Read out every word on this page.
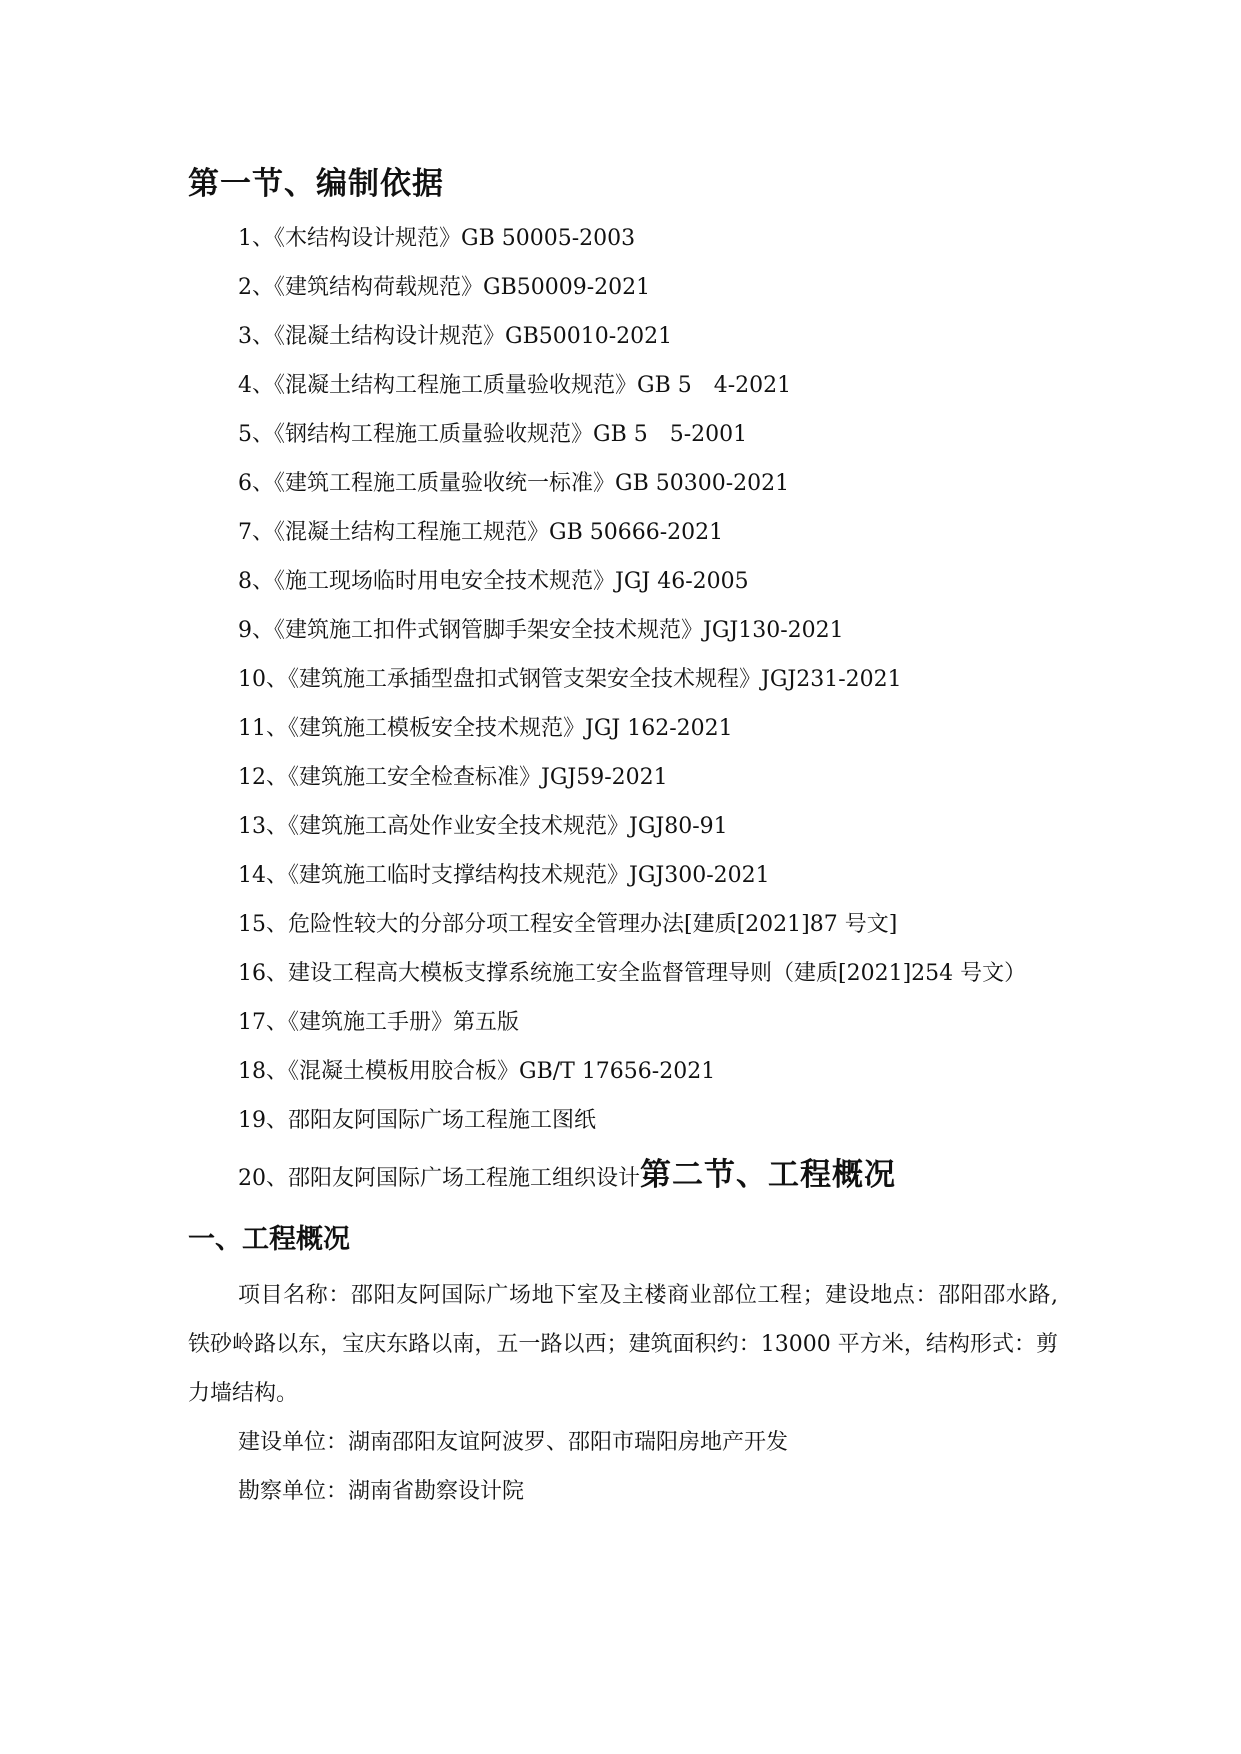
第一节、编制依据
1、《木结构设计规范》GB 50005-2003
2、《建筑结构荷载规范》GB50009-2021
3、《混凝土结构设计规范》GB50010-2021
4、《混凝土结构工程施工质量验收规范》GB 5　4-2021
5、《钢结构工程施工质量验收规范》GB 5　5-2001
6、《建筑工程施工质量验收统一标准》GB 50300-2021
7、《混凝土结构工程施工规范》GB 50666-2021
8、《施工现场临时用电安全技术规范》JGJ 46-2005
9、《建筑施工扣件式钢管脚手架安全技术规范》JGJ130-2021
10、《建筑施工承插型盘扣式钢管支架安全技术规程》JGJ231-2021
11、《建筑施工模板安全技术规范》JGJ 162-2021
12、《建筑施工安全检查标准》JGJ59-2021
13、《建筑施工高处作业安全技术规范》JGJ80-91
14、《建筑施工临时支撑结构技术规范》JGJ300-2021
15、危险性较大的分部分项工程安全管理办法[建质[2021]87 号文]
16、建设工程高大模板支撑系统施工安全监督管理导则（建质[2021]254 号文）
17、《建筑施工手册》第五版
18、《混凝土模板用胶合板》GB/T 17656-2021
19、邵阳友阿国际广场工程施工图纸
20、邵阳友阿国际广场工程施工组织设计第二节、工程概况
一、工程概况

项目名称：邵阳友阿国际广场地下室及主楼商业部位工程；建设地点：邵阳邵水路,铁砂岭路以东，宝庆东路以南，五一路以西；建筑面积约：13000 平方米，结构形式：剪力墙结构。

建设单位：湖南邵阳友谊阿波罗、邵阳市瑞阳房地产开发

勘察单位：湖南省勘察设计院
